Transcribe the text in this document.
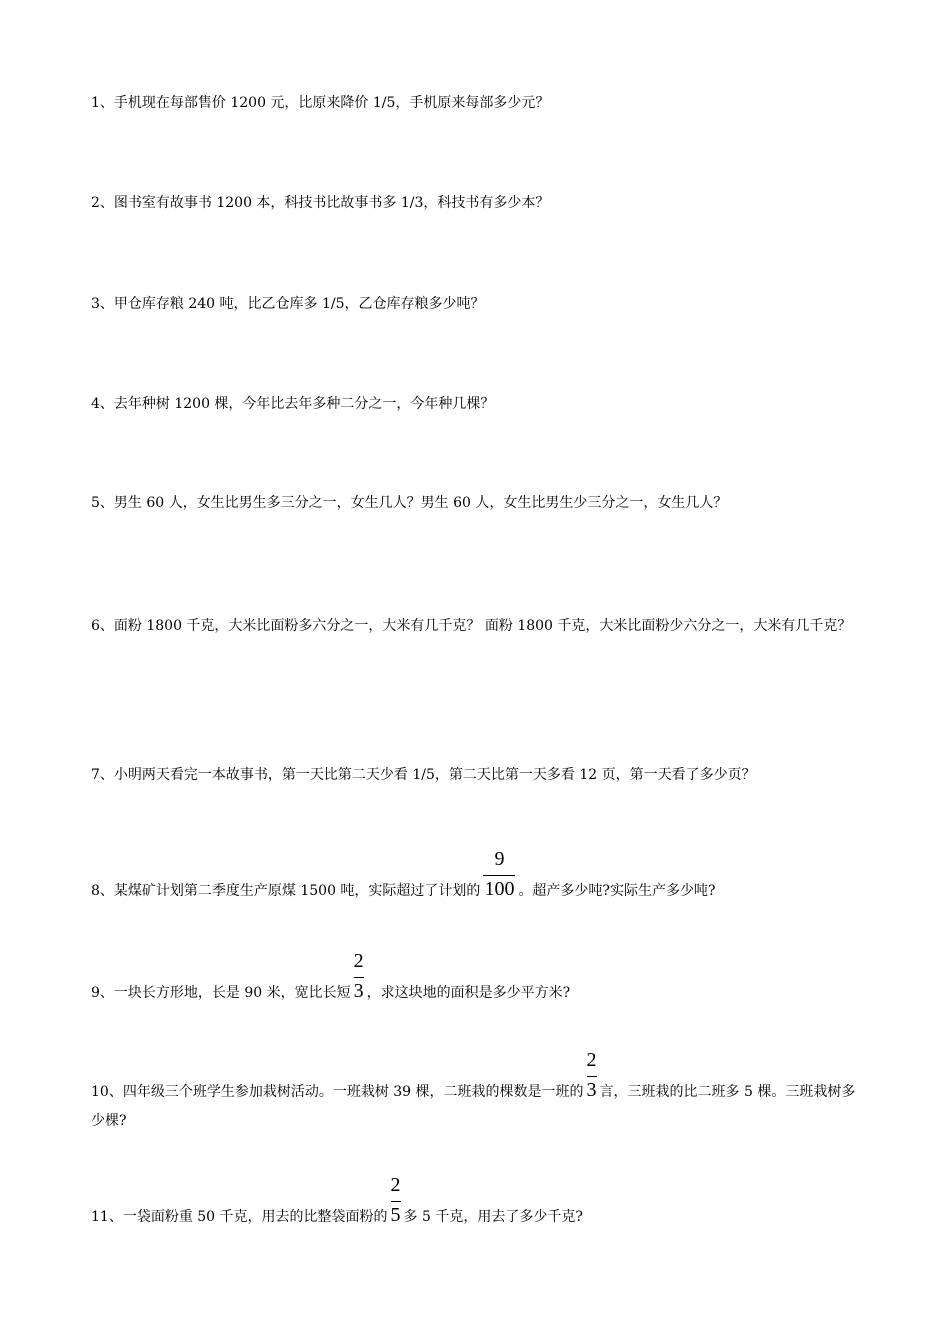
1、手机现在每部售价 1200 元，比原来降价 1/5，手机原来每部多少元？

2、图书室有故事书 1200 本，科技书比故事书多 1/3，科技书有多少本？

3、甲仓库存粮 240 吨，比乙仓库多 1/5，乙仓库存粮多少吨？

4、去年种树 1200 棵，今年比去年多种二分之一，今年种几棵？

5、男生 60 人，女生比男生多三分之一，女生几人？男生 60 人，女生比男生少三分之一，女生几人？

6、面粉 1800 千克，大米比面粉多六分之一，大米有几千克？ 面粉 1800 千克，大米比面粉少六分之一，大米有几千克？

7、小明两天看完一本故事书，第一天比第二天少看 1/5，第二天比第一天多看 12 页，第一天看了多少页？

8、某煤矿计划第二季度生产原煤 1500 吨，实际超过了计划的 $\frac{9}{100}$ 。超产多少吨?实际生产多少吨?

9、一块长方形地，长是 90 米，宽比长短 $\frac{2}{3}$ ，求这块地的面积是多少平方米?

10、四年级三个班学生参加栽树活动。一班栽树 39 棵，二班栽的棵数是一班的 $\frac{2}{3}$ 言，三班栽的比二班多 5 棵。三班栽树多少棵?

11、一袋面粉重 50 千克，用去的比整袋面粉的 $\frac{2}{5}$ 多 5 千克，用去了多少千克?
